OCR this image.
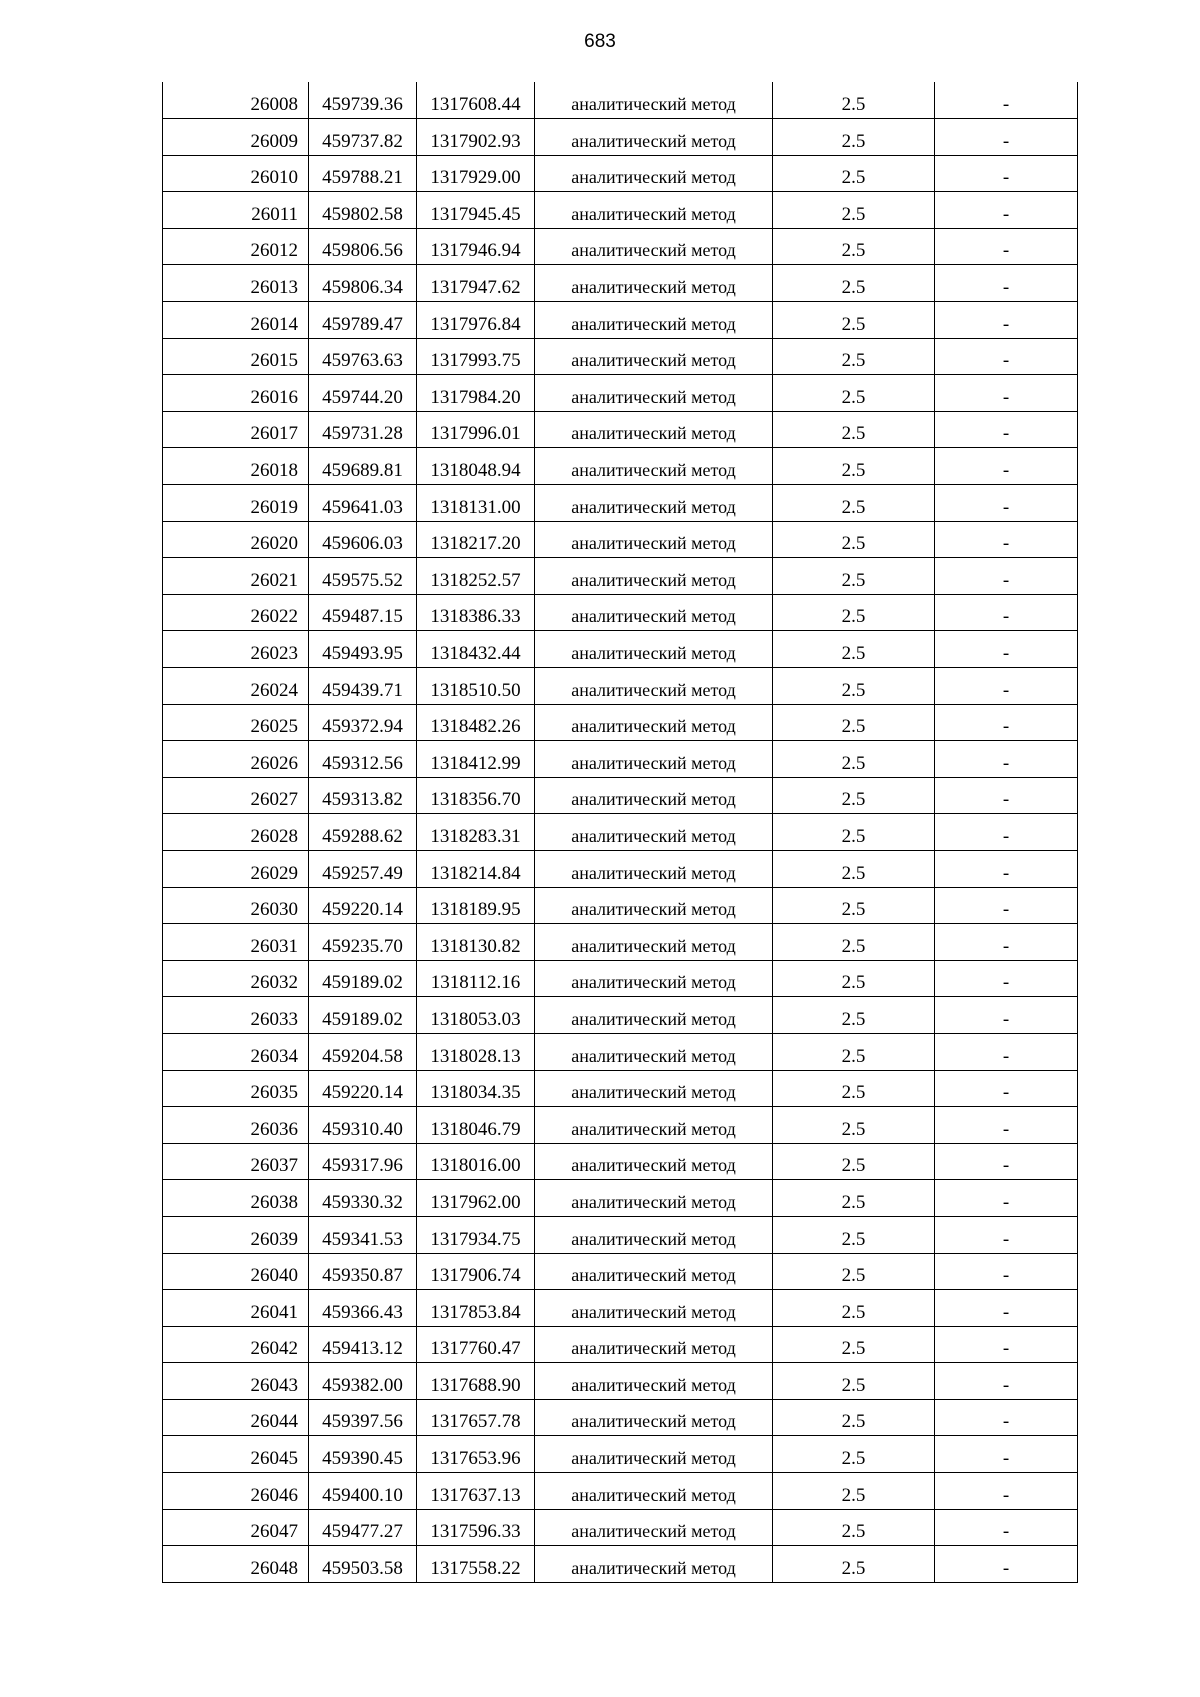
683
26008	459739.36	1317608.44	аналитический метод	2.5	-
26009	459737.82	1317902.93	аналитический метод	2.5	-
26010	459788.21	1317929.00	аналитический метод	2.5	-
26011	459802.58	1317945.45	аналитический метод	2.5	-
26012	459806.56	1317946.94	аналитический метод	2.5	-
26013	459806.34	1317947.62	аналитический метод	2.5	-
26014	459789.47	1317976.84	аналитический метод	2.5	-
26015	459763.63	1317993.75	аналитический метод	2.5	-
26016	459744.20	1317984.20	аналитический метод	2.5	-
26017	459731.28	1317996.01	аналитический метод	2.5	-
26018	459689.81	1318048.94	аналитический метод	2.5	-
26019	459641.03	1318131.00	аналитический метод	2.5	-
26020	459606.03	1318217.20	аналитический метод	2.5	-
26021	459575.52	1318252.57	аналитический метод	2.5	-
26022	459487.15	1318386.33	аналитический метод	2.5	-
26023	459493.95	1318432.44	аналитический метод	2.5	-
26024	459439.71	1318510.50	аналитический метод	2.5	-
26025	459372.94	1318482.26	аналитический метод	2.5	-
26026	459312.56	1318412.99	аналитический метод	2.5	-
26027	459313.82	1318356.70	аналитический метод	2.5	-
26028	459288.62	1318283.31	аналитический метод	2.5	-
26029	459257.49	1318214.84	аналитический метод	2.5	-
26030	459220.14	1318189.95	аналитический метод	2.5	-
26031	459235.70	1318130.82	аналитический метод	2.5	-
26032	459189.02	1318112.16	аналитический метод	2.5	-
26033	459189.02	1318053.03	аналитический метод	2.5	-
26034	459204.58	1318028.13	аналитический метод	2.5	-
26035	459220.14	1318034.35	аналитический метод	2.5	-
26036	459310.40	1318046.79	аналитический метод	2.5	-
26037	459317.96	1318016.00	аналитический метод	2.5	-
26038	459330.32	1317962.00	аналитический метод	2.5	-
26039	459341.53	1317934.75	аналитический метод	2.5	-
26040	459350.87	1317906.74	аналитический метод	2.5	-
26041	459366.43	1317853.84	аналитический метод	2.5	-
26042	459413.12	1317760.47	аналитический метод	2.5	-
26043	459382.00	1317688.90	аналитический метод	2.5	-
26044	459397.56	1317657.78	аналитический метод	2.5	-
26045	459390.45	1317653.96	аналитический метод	2.5	-
26046	459400.10	1317637.13	аналитический метод	2.5	-
26047	459477.27	1317596.33	аналитический метод	2.5	-
26048	459503.58	1317558.22	аналитический метод	2.5	-
